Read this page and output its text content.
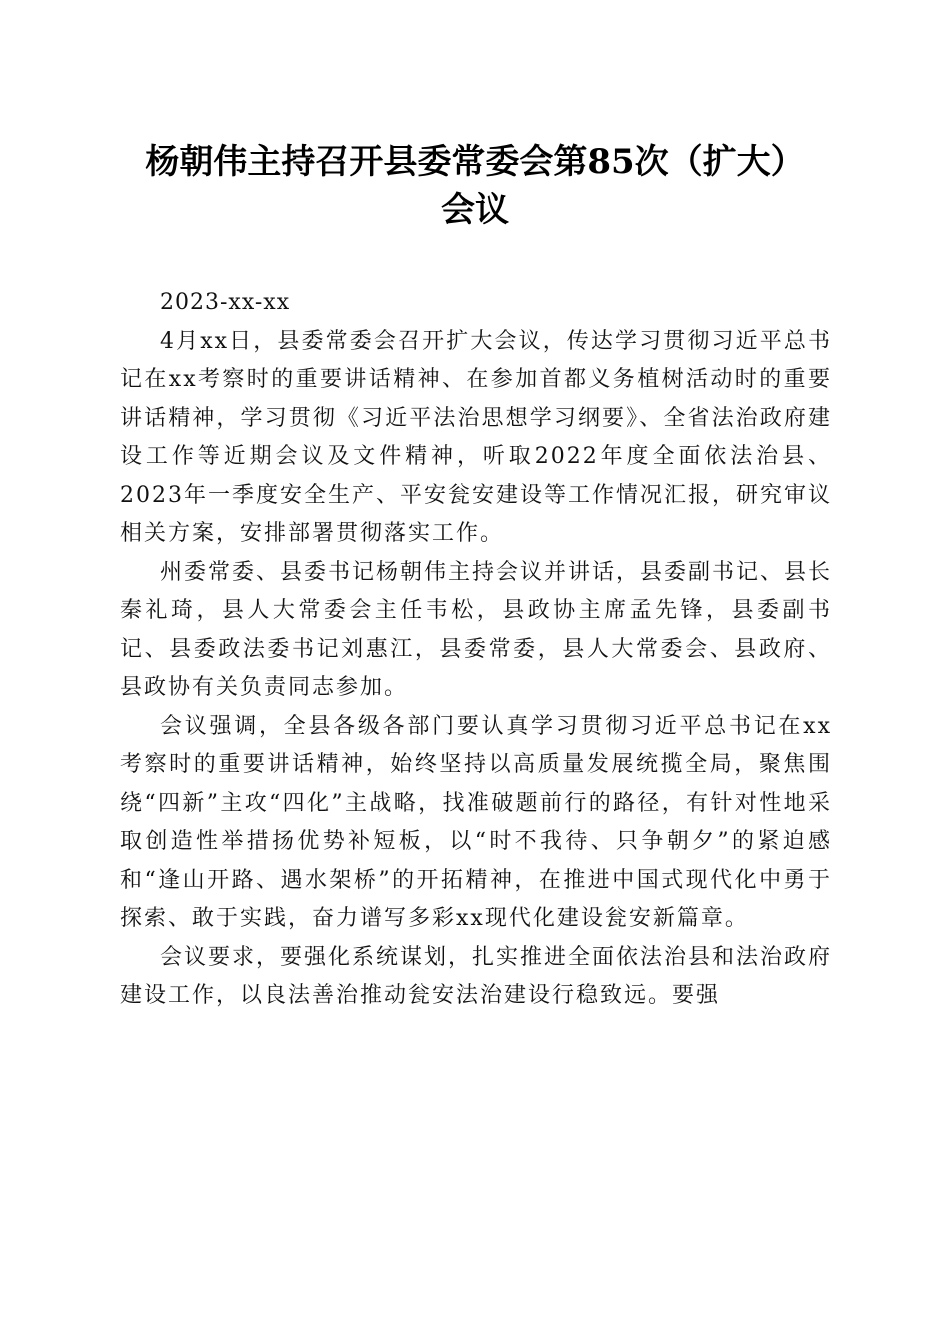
杨朝伟主持召开县委常委会第85次（扩大）
会议

2023-xx-xx

4月xx日，县委常委会召开扩大会议，传达学习贯彻习近平总书记在xx考察时的重要讲话精神、在参加首都义务植树活动时的重要讲话精神，学习贯彻《习近平法治思想学习纲要》、全省法治政府建设工作等近期会议及文件精神，听取2022年度全面依法治县、2023年一季度安全生产、平安瓮安建设等工作情况汇报，研究审议相关方案，安排部署贯彻落实工作。

州委常委、县委书记杨朝伟主持会议并讲话，县委副书记、县长秦礼琦，县人大常委会主任韦松，县政协主席孟先锋，县委副书记、县委政法委书记刘惠江，县委常委，县人大常委会、县政府、县政协有关负责同志参加。

会议强调，全县各级各部门要认真学习贯彻习近平总书记在xx考察时的重要讲话精神，始终坚持以高质量发展统揽全局，聚焦围绕“四新”主攻“四化”主战略，找准破题前行的路径，有针对性地采取创造性举措扬优势补短板，以“时不我待、只争朝夕”的紧迫感和“逢山开路、遇水架桥”的开拓精神，在推进中国式现代化中勇于探索、敢于实践，奋力谱写多彩xx现代化建设瓮安新篇章。

会议要求，要强化系统谋划，扎实推进全面依法治县和法治政府建设工作，以良法善治推动瓮安法治建设行稳致远。要强
